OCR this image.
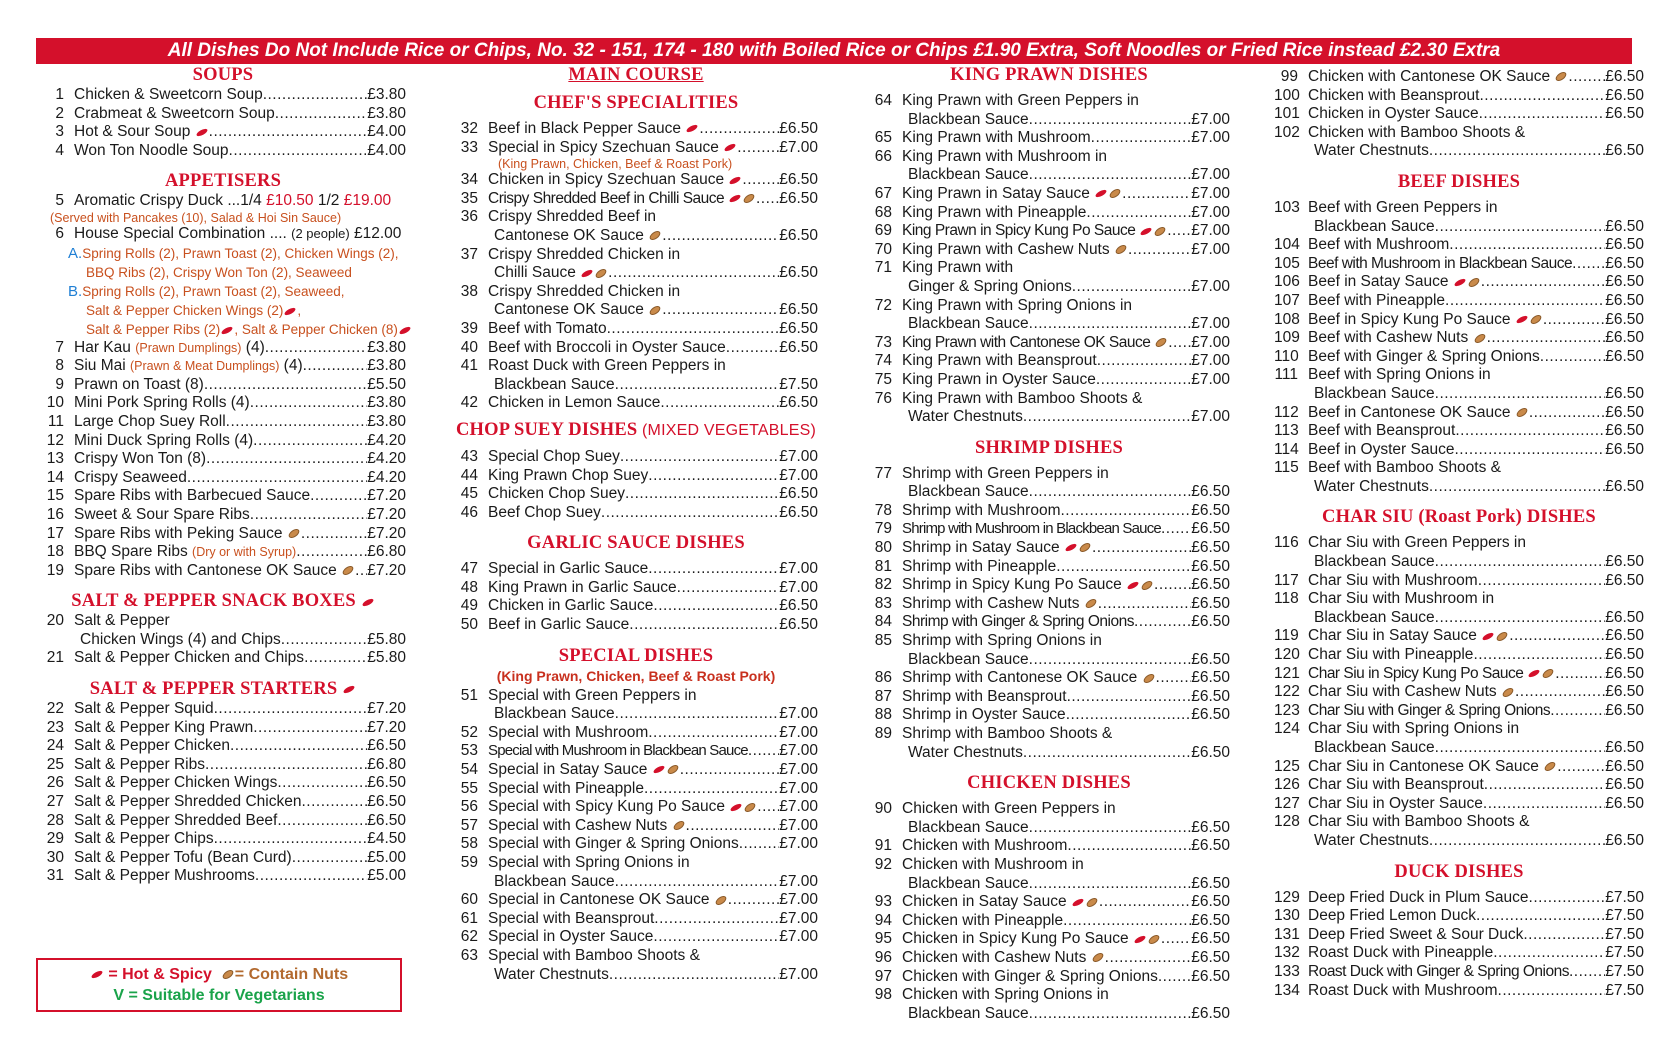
All Dishes Do Not Include Rice or Chips, No. 32 - 151, 174 - 180 with Boiled Rice or Chips £1.90 Extra, Soft Noodles or Fried Rice instead £2.30 Extra
SOUPS
1 Chicken & Sweetcorn Soup .....	£3.80
2 Crabmeat & Sweetcorn Soup .....	£3.80
3 Hot & Sour Soup .....	£4.00
4 Won Ton Noodle Soup .....	£4.00
APPETISERS
5 Aromatic Crispy Duck ...1/4 £10.50 1/2 £19.00
(Served with Pancakes (10), Salad & Hoi Sin Sauce)
6 House Special Combination .... (2 people) £12.00
A.Spring Rolls (2), Prawn Toast (2), Chicken Wings (2),
BBQ Ribs (2), Crispy Won Ton (2), Seaweed
B.Spring Rolls (2), Prawn Toast (2), Seaweed,
Salt & Pepper Chicken Wings (2) ,
Salt & Pepper Ribs (2) , Salt & Pepper Chicken (8)
7 Har Kau (Prawn Dumplings) (4) .....	£3.80
8 Siu Mai (Prawn & Meat Dumplings) (4) .....	£3.80
9 Prawn on Toast (8) .....	£5.50
10 Mini Pork Spring Rolls (4) .....	£3.80
11 Large Chop Suey Roll .....	£3.80
12 Mini Duck Spring Rolls (4) .....	£4.20
13 Crispy Won Ton (8) .....	£4.20
14 Crispy Seaweed .....	£4.20
15 Spare Ribs with Barbecued Sauce .....	£7.20
16 Sweet & Sour Spare Ribs .....	£7.20
17 Spare Ribs with Peking Sauce .....	£7.20
18 BBQ Spare Ribs (Dry or with Syrup) .....	£6.80
19 Spare Ribs with Cantonese OK Sauce .....	£7.20
SALT & PEPPER SNACK BOXES
20 Salt & Pepper
Chicken Wings (4) and Chips .....	£5.80
21 Salt & Pepper Chicken and Chips .....	£5.80
SALT & PEPPER STARTERS
22 Salt & Pepper Squid .....	£7.20
23 Salt & Pepper King Prawn .....	£7.20
24 Salt & Pepper Chicken .....	£6.50
25 Salt & Pepper Ribs .....	£6.80
26 Salt & Pepper Chicken Wings .....	£6.50
27 Salt & Pepper Shredded Chicken .....	£6.50
28 Salt & Pepper Shredded Beef .....	£6.50
29 Salt & Pepper Chips .....	£4.50
30 Salt & Pepper Tofu (Bean Curd) .....	£5.00
31 Salt & Pepper Mushrooms .....	£5.00
= Hot & Spicy = Contain Nuts
V = Suitable for Vegetarians
MAIN COURSE
CHEF'S SPECIALITIES
32 Beef in Black Pepper Sauce .....	£6.50
33 Special in Spicy Szechuan Sauce .....	£7.00
(King Prawn, Chicken, Beef & Roast Pork)
34 Chicken in Spicy Szechuan Sauce .....	£6.50
35 Crispy Shredded Beef in Chilli Sauce .....	£6.50
36 Crispy Shredded Beef in
Cantonese OK Sauce .....	£6.50
37 Crispy Shredded Chicken in
Chilli Sauce .....	£6.50
38 Crispy Shredded Chicken in
Cantonese OK Sauce .....	£6.50
39 Beef with Tomato .....	£6.50
40 Beef with Broccoli in Oyster Sauce .....	£6.50
41 Roast Duck with Green Peppers in
Blackbean Sauce .....	£7.50
42 Chicken in Lemon Sauce .....	£6.50
CHOP SUEY DISHES (MIXED VEGETABLES)
43 Special Chop Suey .....	£7.00
44 King Prawn Chop Suey .....	£7.00
45 Chicken Chop Suey .....	£6.50
46 Beef Chop Suey .....	£6.50
GARLIC SAUCE DISHES
47 Special in Garlic Sauce .....	£7.00
48 King Prawn in Garlic Sauce .....	£7.00
49 Chicken in Garlic Sauce .....	£6.50
50 Beef in Garlic Sauce .....	£6.50
SPECIAL DISHES
(King Prawn, Chicken, Beef & Roast Pork)
51 Special with Green Peppers in
Blackbean Sauce .....	£7.00
52 Special with Mushroom .....	£7.00
53 Special with Mushroom in Blackbean Sauce ..... £7.00
54 Special in Satay Sauce .....	£7.00
55 Special with Pineapple .....	£7.00
56 Special with Spicy Kung Po Sauce .....	£7.00
57 Special with Cashew Nuts .....	£7.00
58 Special with Ginger & Spring Onions .....	£7.00
59 Special with Spring Onions in
Blackbean Sauce .....	£7.00
60 Special in Cantonese OK Sauce .....	£7.00
61 Special with Beansprout .....	£7.00
62 Special in Oyster Sauce .....	£7.00
63 Special with Bamboo Shoots &
Water Chestnuts .....	£7.00
KING PRAWN DISHES
64 King Prawn with Green Peppers in
Blackbean Sauce .....	£7.00
65 King Prawn with Mushroom .....	£7.00
66 King Prawn with Mushroom in
Blackbean Sauce .....	£7.00
67 King Prawn in Satay Sauce .....	£7.00
68 King Prawn with Pineapple .....	£7.00
69 King Prawn in Spicy Kung Po Sauce .....	£7.00
70 King Prawn with Cashew Nuts .....	£7.00
71 King Prawn with
Ginger & Spring Onions .....	£7.00
72 King Prawn with Spring Onions in
Blackbean Sauce .....	£7.00
73 King Prawn with Cantonese OK Sauce .....	£7.00
74 King Prawn with Beansprout .....	£7.00
75 King Prawn in Oyster Sauce .....	£7.00
76 King Prawn with Bamboo Shoots &
Water Chestnuts .....	£7.00
SHRIMP DISHES
77 Shrimp with Green Peppers in
Blackbean Sauce .....	£6.50
78 Shrimp with Mushroom .....	£6.50
79 Shrimp with Mushroom in Blackbean Sauce ..... £6.50
80 Shrimp in Satay Sauce .....	£6.50
81 Shrimp with Pineapple .....	£6.50
82 Shrimp in Spicy Kung Po Sauce .....	£6.50
83 Shrimp with Cashew Nuts .....	£6.50
84 Shrimp with Ginger & Spring Onions .....	£6.50
85 Shrimp with Spring Onions in
Blackbean Sauce .....	£6.50
86 Shrimp with Cantonese OK Sauce .....	£6.50
87 Shrimp with Beansprout .....	£6.50
88 Shrimp in Oyster Sauce .....	£6.50
89 Shrimp with Bamboo Shoots &
Water Chestnuts .....	£6.50
CHICKEN DISHES
90 Chicken with Green Peppers in
Blackbean Sauce .....	£6.50
91 Chicken with Mushroom .....	£6.50
92 Chicken with Mushroom in
Blackbean Sauce .....	£6.50
93 Chicken in Satay Sauce .....	£6.50
94 Chicken with Pineapple .....	£6.50
95 Chicken in Spicy Kung Po Sauce .....	£6.50
96 Chicken with Cashew Nuts .....	£6.50
97 Chicken with Ginger & Spring Onions ..... £6.50
98 Chicken with Spring Onions in
Blackbean Sauce .....	£6.50
99 Chicken with Cantonese OK Sauce .....	£6.50
100 Chicken with Beansprout .....	£6.50
101 Chicken in Oyster Sauce .....	£6.50
102 Chicken with Bamboo Shoots &
Water Chestnuts .....	£6.50
BEEF DISHES
103 Beef with Green Peppers in
Blackbean Sauce .....	£6.50
104 Beef with Mushroom .....	£6.50
105 Beef with Mushroom in Blackbean Sauce ..... £6.50
106 Beef in Satay Sauce .....	£6.50
107 Beef with Pineapple .....	£6.50
108 Beef in Spicy Kung Po Sauce .....	£6.50
109 Beef with Cashew Nuts .....	£6.50
110 Beef with Ginger & Spring Onions .....	£6.50
111 Beef with Spring Onions in
Blackbean Sauce .....	£6.50
112 Beef in Cantonese OK Sauce .....	£6.50
113 Beef with Beansprout .....	£6.50
114 Beef in Oyster Sauce .....	£6.50
115 Beef with Bamboo Shoots &
Water Chestnuts .....	£6.50
CHAR SIU (Roast Pork) DISHES
116 Char Siu with Green Peppers in
Blackbean Sauce .....	£6.50
117 Char Siu with Mushroom .....	£6.50
118 Char Siu with Mushroom in
Blackbean Sauce .....	£6.50
119 Char Siu in Satay Sauce .....	£6.50
120 Char Siu with Pineapple .....	£6.50
121 Char Siu in Spicy Kung Po Sauce .....	£6.50
122 Char Siu with Cashew Nuts .....	£6.50
123 Char Siu with Ginger & Spring Onions .....	£6.50
124 Char Siu with Spring Onions in
Blackbean Sauce .....	£6.50
125 Char Siu in Cantonese OK Sauce .....	£6.50
126 Char Siu with Beansprout .....	£6.50
127 Char Siu in Oyster Sauce .....	£6.50
128 Char Siu with Bamboo Shoots &
Water Chestnuts .....	£6.50
DUCK DISHES
129 Deep Fried Duck in Plum Sauce .....	£7.50
130 Deep Fried Lemon Duck .....	£7.50
131 Deep Fried Sweet & Sour Duck .....	£7.50
132 Roast Duck with Pineapple .....	£7.50
133 Roast Duck with Ginger & Spring Onions ..... £7.50
134 Roast Duck with Mushroom .....	£7.50
